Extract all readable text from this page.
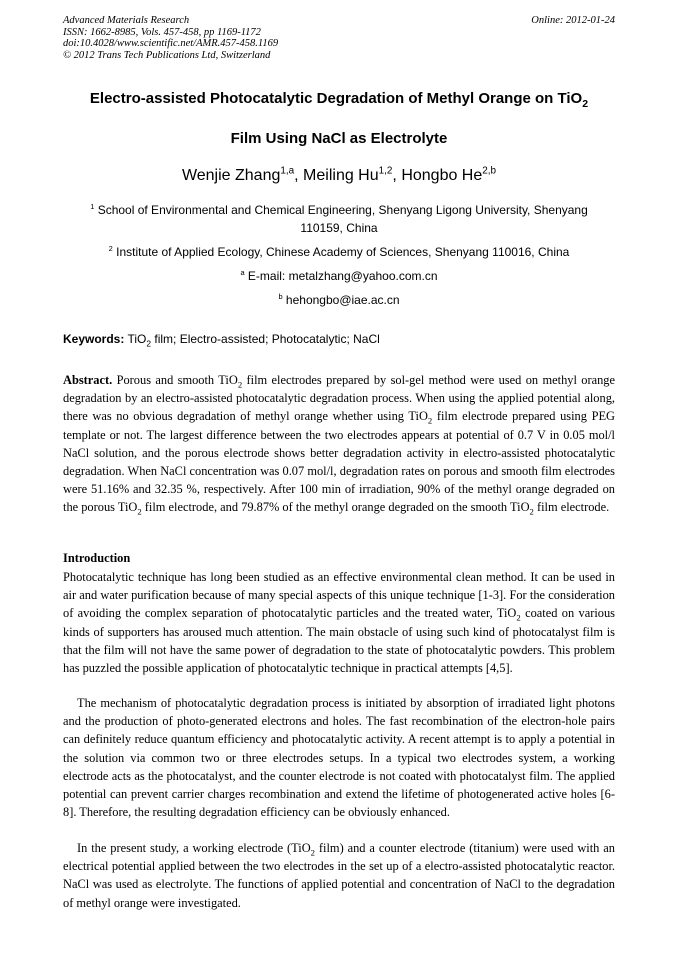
Advanced Materials Research
ISSN: 1662-8985, Vols. 457-458, pp 1169-1172
doi:10.4028/www.scientific.net/AMR.457-458.1169
© 2012 Trans Tech Publications Ltd, Switzerland
Online: 2012-01-24
Electro-assisted Photocatalytic Degradation of Methyl Orange on TiO$_2$
Film Using NaCl as Electrolyte
Wenjie Zhang$^{1,a}$, Meiling Hu$^{1,2}$, Hongbo He$^{2,b}$
$^1$ School of Environmental and Chemical Engineering, Shenyang Ligong University, Shenyang 110159, China
$^2$ Institute of Applied Ecology, Chinese Academy of Sciences, Shenyang 110016, China
$^a$ E-mail: metalzhang@yahoo.com.cn
$^b$ hehongbo@iae.ac.cn
Keywords: TiO$_2$ film; Electro-assisted; Photocatalytic; NaCl
Abstract. Porous and smooth TiO$_2$ film electrodes prepared by sol-gel method were used on methyl orange degradation by an electro-assisted photocatalytic degradation process. When using the applied potential along, there was no obvious degradation of methyl orange whether using TiO$_2$ film electrode prepared using PEG template or not. The largest difference between the two electrodes appears at potential of 0.7 V in 0.05 mol/l NaCl solution, and the porous electrode shows better degradation activity in electro-assisted photocatalytic degradation. When NaCl concentration was 0.07 mol/l, degradation rates on porous and smooth film electrodes were 51.16% and 32.35 %, respectively. After 100 min of irradiation, 90% of the methyl orange degraded on the porous TiO$_2$ film electrode, and 79.87% of the methyl orange degraded on the smooth TiO$_2$ film electrode.
Introduction
Photocatalytic technique has long been studied as an effective environmental clean method. It can be used in air and water purification because of many special aspects of this unique technique [1-3]. For the consideration of avoiding the complex separation of photocatalytic particles and the treated water, TiO$_2$ coated on various kinds of supporters has aroused much attention. The main obstacle of using such kind of photocatalyst film is that the film will not have the same power of degradation to the state of photocatalytic powders. This problem has puzzled the possible application of photocatalytic technique in practical attempts [4,5].
The mechanism of photocatalytic degradation process is initiated by absorption of irradiated light photons and the production of photo-generated electrons and holes. The fast recombination of the electron-hole pairs can definitely reduce quantum efficiency and photocatalytic activity. A recent attempt is to apply a potential in the solution via common two or three electrodes setups. In a typical two electrodes system, a working electrode acts as the photocatalyst, and the counter electrode is not coated with photocatalyst film. The applied potential can prevent carrier charges recombination and extend the lifetime of photogenerated active holes [6-8]. Therefore, the resulting degradation efficiency can be obviously enhanced.
In the present study, a working electrode (TiO$_2$ film) and a counter electrode (titanium) were used with an electrical potential applied between the two electrodes in the set up of a electro-assisted photocatalytic reactor. NaCl was used as electrolyte. The functions of applied potential and concentration of NaCl to the degradation of methyl orange were investigated.
